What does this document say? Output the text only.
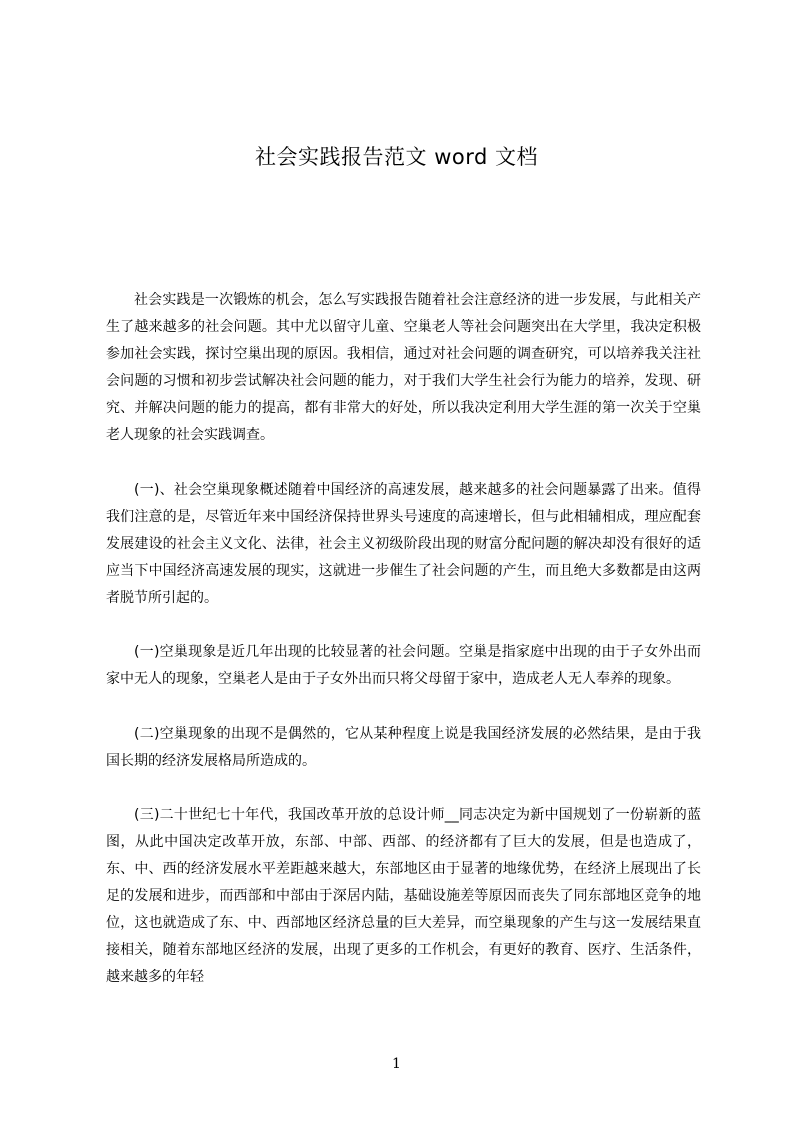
社会实践报告范文 word 文档

社会实践是一次锻炼的机会，怎么写实践报告随着社会注意经济的进一步发展，与此相关产生了越来越多的社会问题。其中尤以留守儿童、空巢老人等社会问题突出在大学里，我决定积极参加社会实践，探讨空巢出现的原因。我相信，通过对社会问题的调查研究，可以培养我关注社会问题的习惯和初步尝试解决社会问题的能力，对于我们大学生社会行为能力的培养，发现、研究、并解决问题的能力的提高，都有非常大的好处，所以我决定利用大学生涯的第一次关于空巢老人现象的社会实践调查。

(一)、社会空巢现象概述随着中国经济的高速发展，越来越多的社会问题暴露了出来。值得我们注意的是，尽管近年来中国经济保持世界头号速度的高速增长，但与此相辅相成，理应配套发展建设的社会主义文化、法律，社会主义初级阶段出现的财富分配问题的解决却没有很好的适应当下中国经济高速发展的现实，这就进一步催生了社会问题的产生，而且绝大多数都是由这两者脱节所引起的。

(一)空巢现象是近几年出现的比较显著的社会问题。空巢是指家庭中出现的由于子女外出而家中无人的现象，空巢老人是由于子女外出而只将父母留于家中，造成老人无人奉养的现象。

(二)空巢现象的出现不是偶然的，它从某种程度上说是我国经济发展的必然结果，是由于我国长期的经济发展格局所造成的。

(三)二十世纪七十年代，我国改革开放的总设计师__同志决定为新中国规划了一份崭新的蓝图，从此中国决定改革开放，东部、中部、西部、的经济都有了巨大的发展，但是也造成了，东、中、西的经济发展水平差距越来越大，东部地区由于显著的地缘优势，在经济上展现出了长足的发展和进步，而西部和中部由于深居内陆，基础设施差等原因而丧失了同东部地区竞争的地位，这也就造成了东、中、西部地区经济总量的巨大差异，而空巢现象的产生与这一发展结果直接相关，随着东部地区经济的发展，出现了更多的工作机会，有更好的教育、医疗、生活条件，越来越多的年轻

1
